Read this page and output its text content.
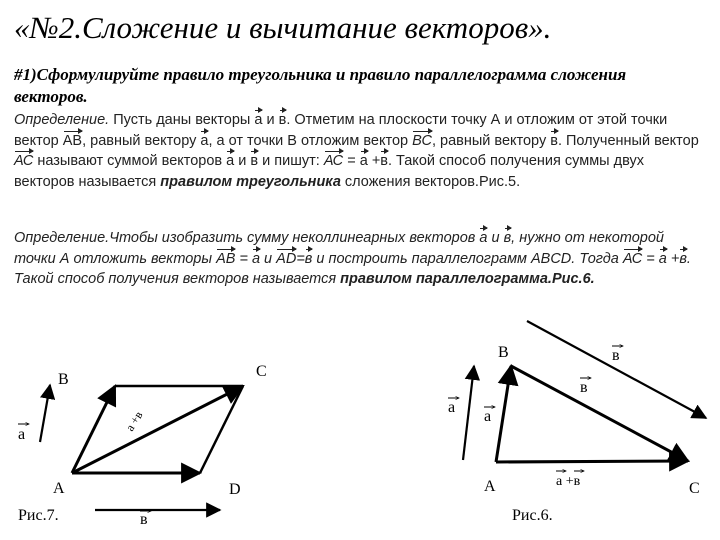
«№2.Сложение и вычитание векторов».

#1)Сформулируйте правило треугольника и правило параллелограмма сложения векторов.

Определение. Пусть даны векторы а и в. Отметим на плоскости точку А и отложим от этой точки вектор АВ, равный вектору а, а от точки В отложим вектор ВС, равный вектору в. Полученный вектор АС называют суммой векторов а и в и пишут: АС = а +в. Такой способ получения суммы двух векторов называется правилом треугольника сложения векторов.Рис.5.

Определение.Чтобы изобразить сумму неколлинеарных векторов а и в, нужно от некоторой точки А отложить векторы АВ = а и AD=в и построить параллелограмм ABCD. Тогда АС = а +в. Такой способ получения векторов называется правилом параллелограмма.Рис.6.

А
В	С
D
а
в
а +в
Рис.7.
А
В
С
а
а
в
в
а +в
Рис.6.
